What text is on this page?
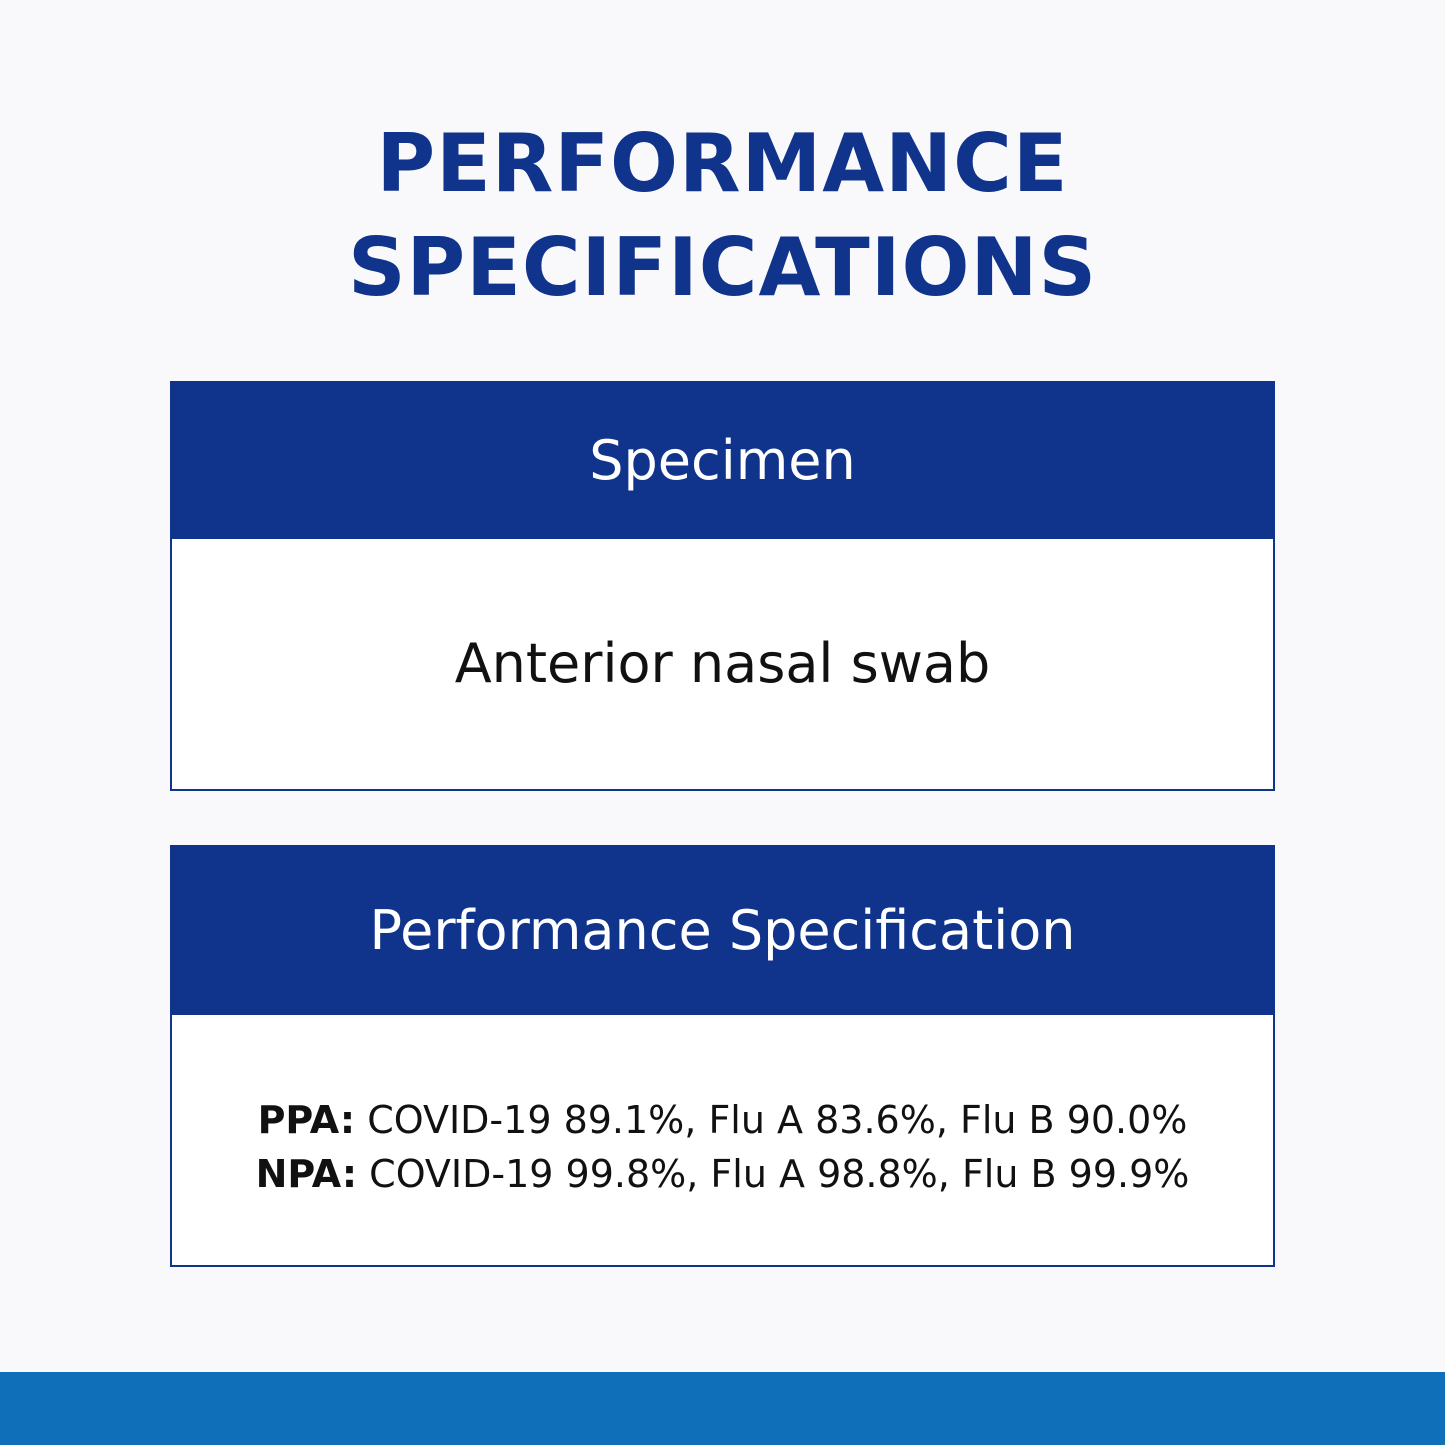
PERFORMANCE
SPECIFICATIONS
Specimen
Anterior nasal swab
Performance Specification
PPA: COVID-19 89.1%, Flu A 83.6%, Flu B 90.0%
NPA: COVID-19 99.8%, Flu A 98.8%, Flu B 99.9%
